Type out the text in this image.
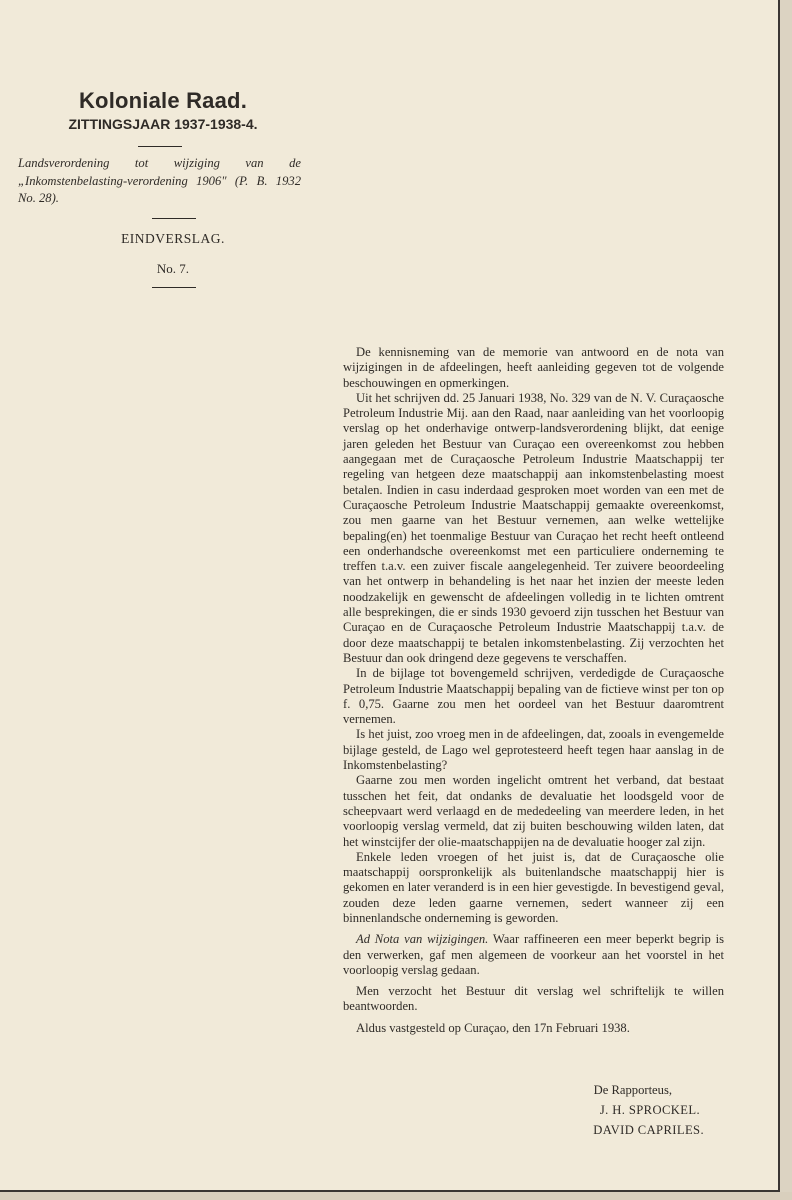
Koloniale Raad.
ZITTINGSJAAR 1937-1938-4.
Landsverordening tot wijziging van de „Inkomstenbelasting-verordening 1906" (P. B. 1932 No. 28).
EINDVERSLAG.
No. 7.

De kennisneming van de memorie van antwoord en de nota van wijzigingen in de afdeelingen, heeft aanleiding gegeven tot de volgende beschouwingen en opmerkingen.

Uit het schrijven dd. 25 Januari 1938, No. 329 van de N. V. Curaçaosche Petroleum Industrie Mij. aan den Raad, naar aanleiding van het voorloopig verslag op het onderhavige ontwerp-landsverordening blijkt, dat eenige jaren geleden het Bestuur van Curaçao een overeenkomst zou hebben aangegaan met de Curaçaosche Petroleum Industrie Maatschappij ter regeling van hetgeen deze maatschappij aan inkomstenbelasting moest betalen. Indien in casu inderdaad gesproken moet worden van een met de Curaçaosche Petroleum Industrie Maatschappij gemaakte overeenkomst, zou men gaarne van het Bestuur vernemen, aan welke wettelijke bepaling(en) het toenmalige Bestuur van Curaçao het recht heeft ontleend een onderhandsche overeenkomst met een particuliere onderneming te treffen t.a.v. een zuiver fiscale aangelegenheid. Ter zuivere beoordeeling van het ontwerp in behandeling is het naar het inzien der meeste leden noodzakelijk en gewenscht de afdeelingen volledig in te lichten omtrent alle besprekingen, die er sinds 1930 gevoerd zijn tusschen het Bestuur van Curaçao en de Curaçaosche Petroleum Industrie Maatschappij t.a.v. de door deze maatschappij te betalen inkomstenbelasting. Zij verzochten het Bestuur dan ook dringend deze gegevens te verschaffen.

In de bijlage tot bovengemeld schrijven, verdedigde de Curaçaosche Petroleum Industrie Maatschappij bepaling van de fictieve winst per ton op f. 0,75. Gaarne zou men het oordeel van het Bestuur daaromtrent vernemen.

Is het juist, zoo vroeg men in de afdeelingen, dat, zooals in evengemelde bijlage gesteld, de Lago wel geprotesteerd heeft tegen haar aanslag in de Inkomstenbelasting?

Gaarne zou men worden ingelicht omtrent het verband, dat bestaat tusschen het feit, dat ondanks de devaluatie het loodsgeld voor de scheepvaart werd verlaagd en de mededeeling van meerdere leden, in het voorloopig verslag vermeld, dat zij buiten beschouwing wilden laten, dat het winstcijfer der olie-maatschappijen na de devaluatie hooger zal zijn.

Enkele leden vroegen of het juist is, dat de Curaçaosche olie maatschappij oorspronkelijk als buitenlandsche maatschappij hier is gekomen en later veranderd is in een hier gevestigde. In bevestigend geval, zouden deze leden gaarne vernemen, sedert wanneer zij een binnenlandsche onderneming is geworden.

Ad Nota van wijzigingen. Waar raffineeren een meer beperkt begrip is den verwerken, gaf men algemeen de voorkeur aan het voorstel in het voorloopig verslag gedaan.

Men verzocht het Bestuur dit verslag wel schriftelijk te willen beantwoorden.

Aldus vastgesteld op Curaçao, den 17n Februari 1938.

De Rapporteus,
J. H. SPROCKEL.
DAVID CAPRILES.
